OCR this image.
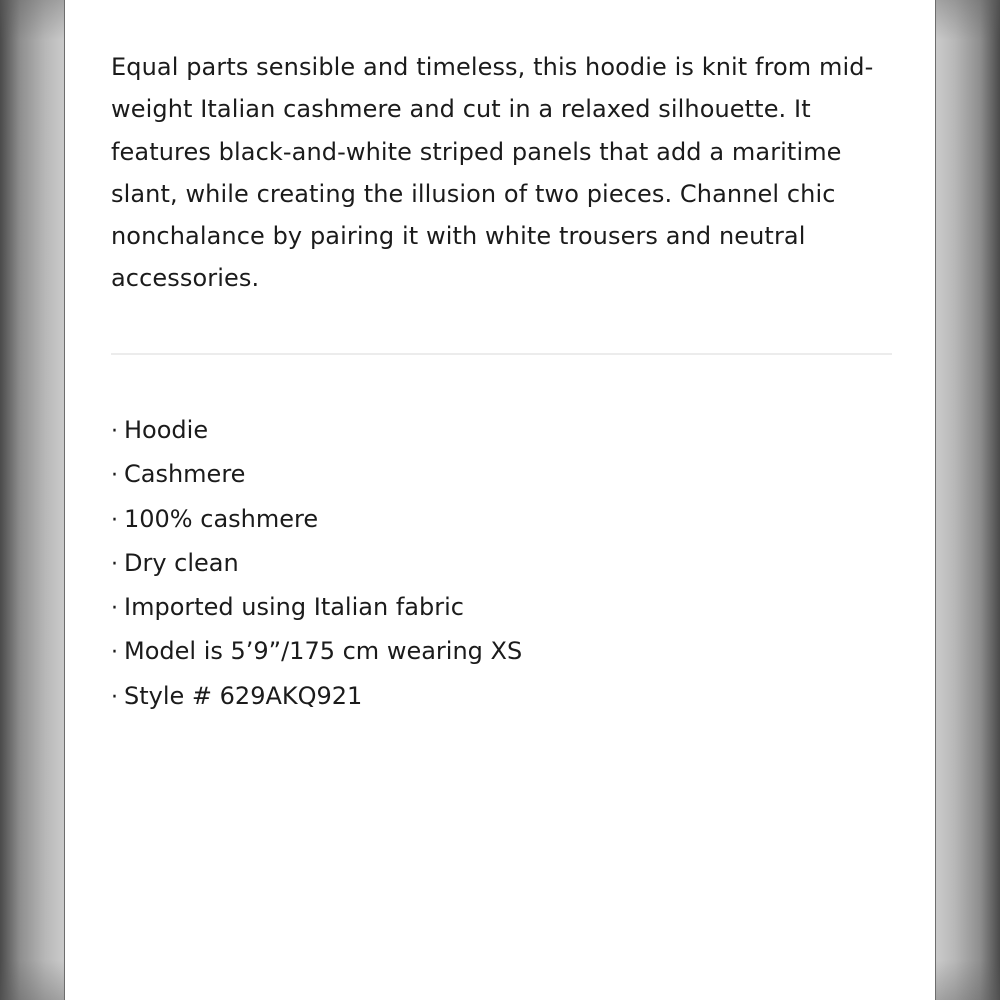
Equal parts sensible and timeless, this hoodie is knit from mid-weight Italian cashmere and cut in a relaxed silhouette. It features black-and-white striped panels that add a maritime slant, while creating the illusion of two pieces. Channel chic nonchalance by pairing it with white trousers and neutral accessories.

· Hoodie
· Cashmere
· 100% cashmere
· Dry clean
· Imported using Italian fabric
· Model is 5’9”/175 cm wearing XS
· Style # 629AKQ921
